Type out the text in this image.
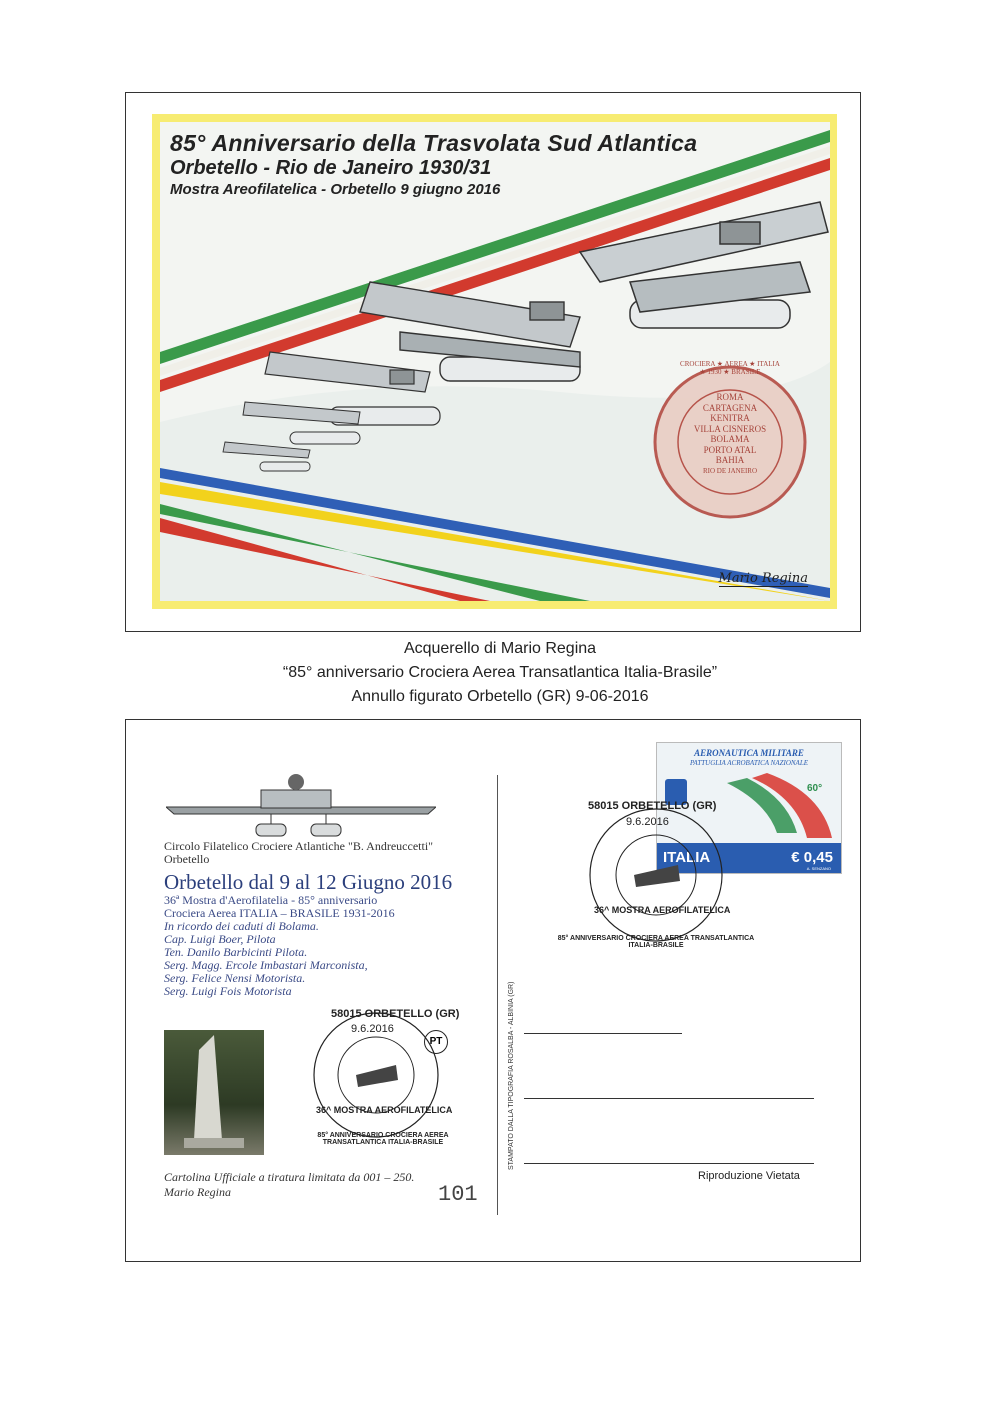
85° Anniversario della Trasvolata Sud Atlantica
Orbetello - Rio de Janeiro 1930/31
Mostra Areofilatelica - Orbetello 9 giugno 2016
CROCIERA ★ AEREA ★ ITALIA ★ 1930 ★ BRASILE
ROMA
CARTAGENA
KENITRA
VILLA CISNEROS
BOLAMA
PORTO ATAL
BAHIA
RIO DE JANEIRO
Mario Regina
Acquerello di Mario Regina
“85° anniversario Crociera Aerea Transatlantica Italia-Brasile”
Annullo figurato Orbetello (GR) 9-06-2016
Circolo Filatelico Crociere Atlantiche "B. Andreuccetti" Orbetello
Orbetello dal 9 al 12 Giugno 2016
36ª Mostra d'Aerofilatelia - 85° anniversario
Crociera Aerea ITALIA – BRASILE 1931-2016
In ricordo dei caduti di Bolama.
Cap. Luigi Boer, Pilota
Ten. Danilo Barbicinti Pilota.
Serg. Magg. Ercole Imbastari Marconista,
Serg. Felice Nensi Motorista.
Serg. Luigi Fois Motorista
58015 ORBETELLO (GR)
9.6.2016
36^ MOSTRA AEROFILATELICA
85° ANNIVERSARIO CROCIERA AEREA TRANSATLANTICA ITALIA-BRASILE
PT
Cartolina Ufficiale a tiratura limitata da 001 – 250.
Mario Regina	101
STAMPATO DALLA TIPOGRAFIA ROSALBA - ALBINIA (GR)
Riproduzione Vietata
AERONAUTICA MILITARE
PATTUGLIA ACROBATICA NAZIONALE
60°
ITALIA	€ 0,45
A. SENZANO
58015 ORBETELLO (GR)
9.6.2016
36^ MOSTRA AEROFILATELICA
85° ANNIVERSARIO CROCIERA AEREA TRANSATLANTICA ITALIA-BRASILE
